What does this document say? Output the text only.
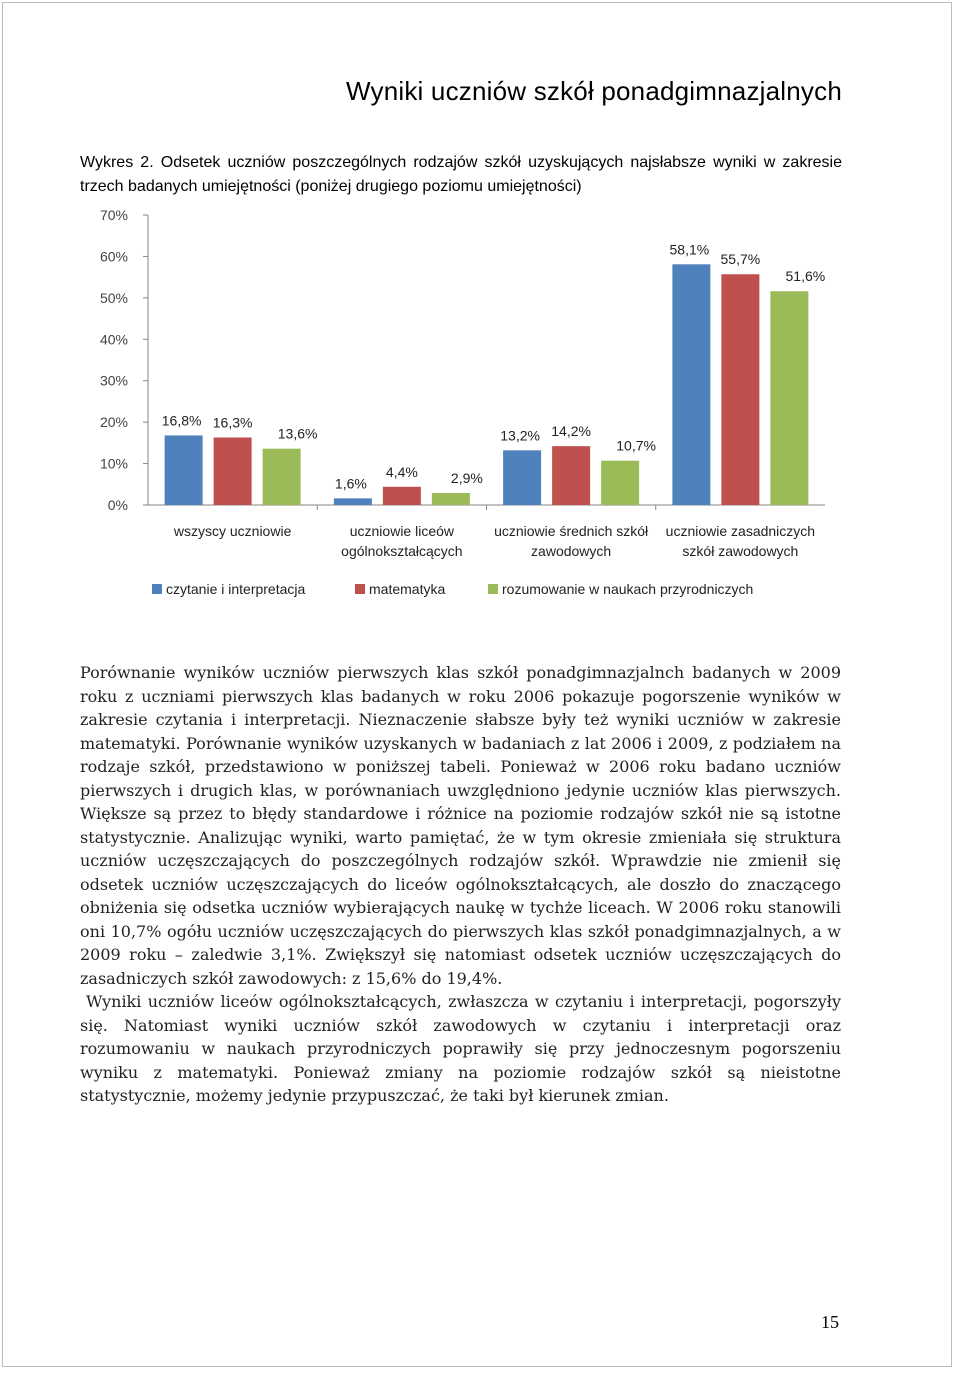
Wyniki uczniów szkół ponadgimnazjalnych
Wykres 2. Odsetek uczniów poszczególnych rodzajów szkół uzyskujących najsłabsze wyniki w zakresie trzech badanych umiejętności (poniżej drugiego poziomu umiejętności)
0%
10%
20%
30%
40%
50%
60%
70%
16,8% 16,3%
13,6%
wszyscy uczniowie
1,6%
4,4% 2,9%
uczniowie liceów
ogólnokształcących
13,2% 14,2%
10,7%
uczniowie średnich szkół
zawodowych
58,1%
55,7%
51,6%
uczniowie zasadniczych
szkół zawodowych
czytanie i interpretacja	matematyka	rozumowanie w naukach przyrodniczych

Porównanie wyników uczniów pierwszych klas szkół ponadgimnazjalnch badanych w 2009 roku z uczniami pierwszych klas badanych w roku 2006 pokazuje pogorszenie wyników w zakresie czytania i interpretacji. Nieznaczenie słabsze były też wyniki uczniów w zakresie matematyki. Porównanie wyników uzyskanych w badaniach z lat 2006 i 2009, z podziałem na rodzaje szkół, przedstawiono w poniższej tabeli. Ponieważ w 2006 roku badano uczniów pierwszych i drugich klas, w porównaniach uwzględniono jedynie uczniów klas pierwszych. Większe są przez to błędy standardowe i różnice na poziomie rodzajów szkół nie są istotne statystycznie. Analizując wyniki, warto pamiętać, że w tym okresie zmieniała się struktura uczniów uczęszczających do poszczególnych rodzajów szkół. Wprawdzie nie zmienił się odsetek uczniów uczęszczających do liceów ogólnokształcących, ale doszło do znaczącego obniżenia się odsetka uczniów wybierających naukę w tychże liceach. W 2006 roku stanowili oni 10,7% ogółu uczniów uczęszczających do pierwszych klas szkół ponadgimnazjalnych, a w 2009 roku – zaledwie 3,1%. Zwiększył się natomiast odsetek uczniów uczęszczających do zasadniczych szkół zawodowych: z 15,6% do 19,4%.

Wyniki uczniów liceów ogólnokształcących, zwłaszcza w czytaniu i interpretacji, pogorszyły się. Natomiast wyniki uczniów szkół zawodowych w czytaniu i interpretacji oraz rozumowaniu w naukach przyrodniczych poprawiły się przy jednoczesnym pogorszeniu wyniku z matematyki. Ponieważ zmiany na poziomie rodzajów szkół są nieistotne statystycznie, możemy jedynie przypuszczać, że taki był kierunek zmian.

15
